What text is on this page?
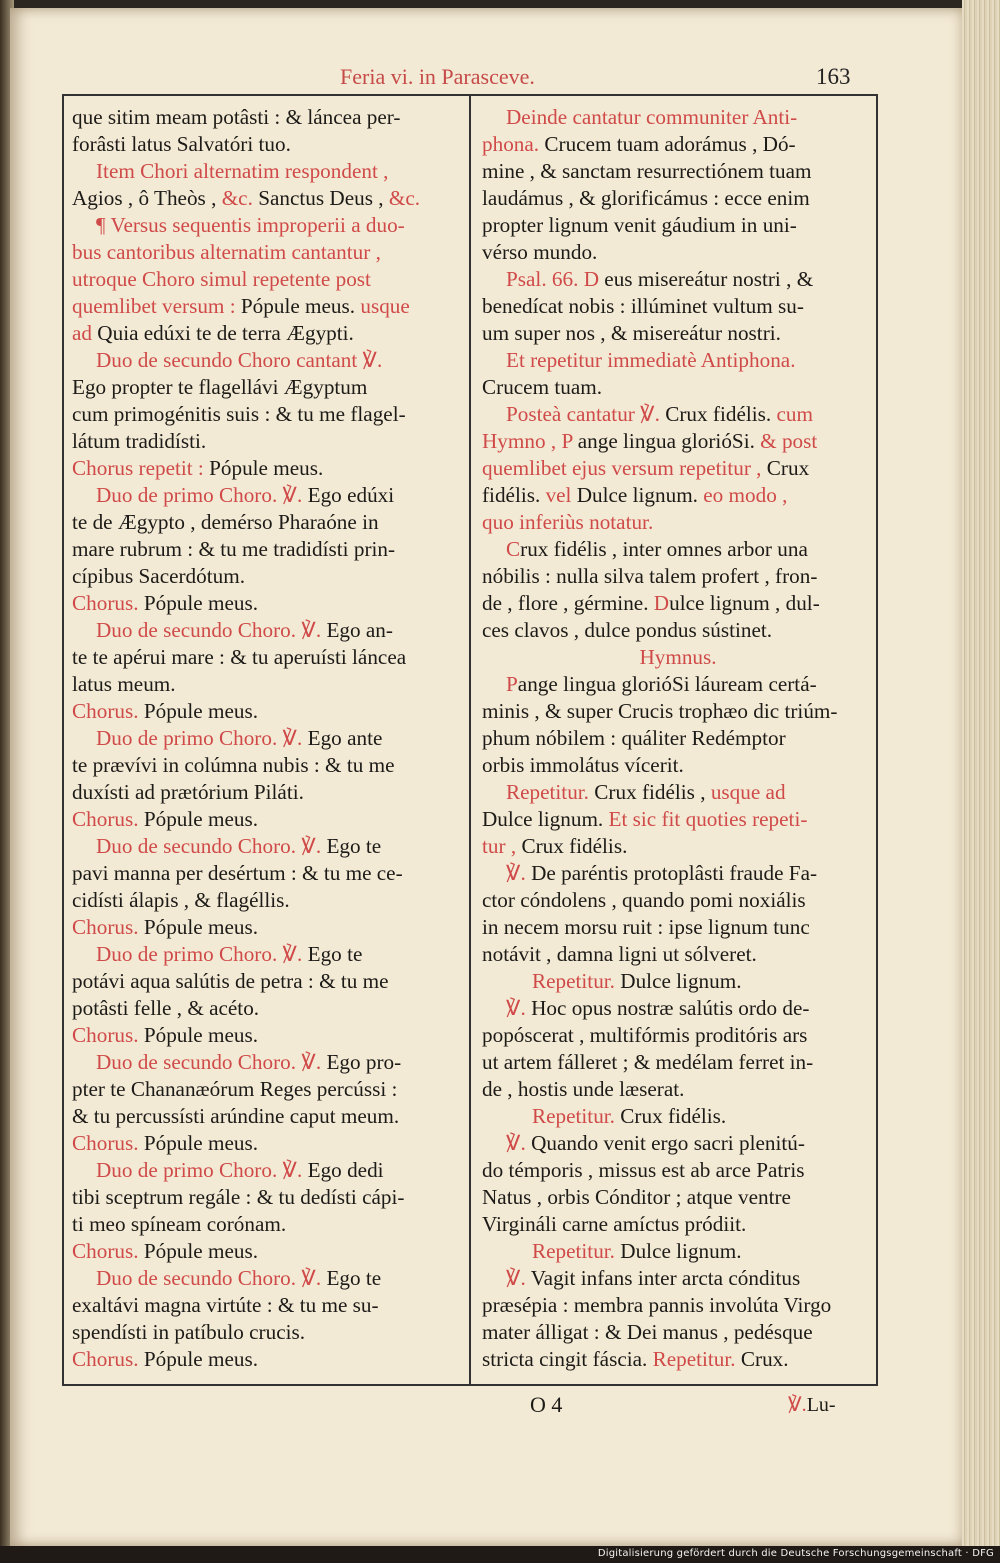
Feria vi. in Parasceve.	163
que sitim meam potâsti : & láncea per-
forâsti latus Salvatóri tuo.
Item Chori alternatim respondent ,
Agios , ô Theòs , &c. Sanctus Deus , &c.
¶ Versus sequentis improperii a duo-
bus cantoribus alternatim cantantur ,
utroque Choro simul repetente post
quemlibet versum : Pópule meus. usque
ad Quia edúxi te de terra Ægypti.
Duo de secundo Choro cantant ℣.
Ego propter te flagellávi Ægyptum
cum primogénitis suis : & tu me flagel-
látum tradidísti.
Chorus repetit : Pópule meus.
Duo de primo Choro. ℣. Ego edúxi
te de Ægypto , demérso Pharaóne in
mare rubrum : & tu me tradidísti prin-
cípibus Sacerdótum.
Chorus. Pópule meus.
Duo de secundo Choro. ℣. Ego an-
te te apérui mare : & tu aperuísti láncea
latus meum.
Chorus. Pópule meus.
Duo de primo Choro. ℣. Ego ante
te prævívi in colúmna nubis : & tu me
duxísti ad prætórium Piláti.
Chorus. Pópule meus.
Duo de secundo Choro. ℣. Ego te
pavi manna per desértum : & tu me ce-
cidísti álapis , & flagéllis.
Chorus. Pópule meus.
Duo de primo Choro. ℣. Ego te
potávi aqua salútis de petra : & tu me
potâsti felle , & acéto.
Chorus. Pópule meus.
Duo de secundo Choro. ℣. Ego pro-
pter te Chananæórum Reges percússi :
& tu percussísti arúndine caput meum.
Chorus. Pópule meus.
Duo de primo Choro. ℣. Ego dedi
tibi sceptrum regále : & tu dedísti cápi-
ti meo spíneam corónam.
Chorus. Pópule meus.
Duo de secundo Choro. ℣. Ego te
exaltávi magna virtúte : & tu me su-
spendísti in patíbulo crucis.
Chorus. Pópule meus.
Deinde cantatur communiter Anti-
phona. Crucem tuam adorámus , Dó-
mine , & sanctam resurrectiónem tuam
laudámus , & glorificámus : ecce enim
propter lignum venit gáudium in uni-
vérso mundo.
Psal. 66. D eus misereátur nostri , &
benedícat nobis : illúminet vultum su-
um super nos , & misereátur nostri.
Et repetitur immediatè Antiphona.
Crucem tuam.
Posteà cantatur ℣. Crux fidélis. cum
Hymno , P ange lingua glorióSi. & post
quemlibet ejus versum repetitur , Crux
fidélis. vel Dulce lignum. eo modo ,
quo inferiùs notatur.
Crux fidélis , inter omnes arbor una
nóbilis : nulla silva talem profert , fron-
de , flore , gérmine. Dulce lignum , dul-
ces clavos , dulce pondus sústinet.
Hymnus.
Pange lingua glorióSi láuream certá-
minis , & super Crucis trophæo dic triúm-
phum nóbilem : quáliter Redémptor
orbis immolátus vícerit.
Repetitur. Crux fidélis , usque ad
Dulce lignum. Et sic fit quoties repeti-
tur , Crux fidélis.
℣. De paréntis protoplâsti fraude Fa-
ctor cóndolens , quando pomi noxiális
in necem morsu ruit : ipse lignum tunc
notávit , damna ligni ut sólveret.
Repetitur. Dulce lignum.
℣. Hoc opus nostræ salútis ordo de-
popóscerat , multifórmis proditóris ars
ut artem fálleret ; & medélam ferret in-
de , hostis unde læserat.
Repetitur. Crux fidélis.
℣. Quando venit ergo sacri plenitú-
do témporis , missus est ab arce Patris
Natus , orbis Cónditor ; atque ventre
Virgináli carne amíctus pródiit.
Repetitur. Dulce lignum.
℣. Vagit infans inter arcta cónditus
præsépia : membra pannis involúta Virgo
mater álligat : & Dei manus , pedésque
stricta cingit fáscia. Repetitur. Crux.
O 4	℣.Lu-
Digitalisierung gefördert durch die Deutsche Forschungsgemeinschaft · DFG
